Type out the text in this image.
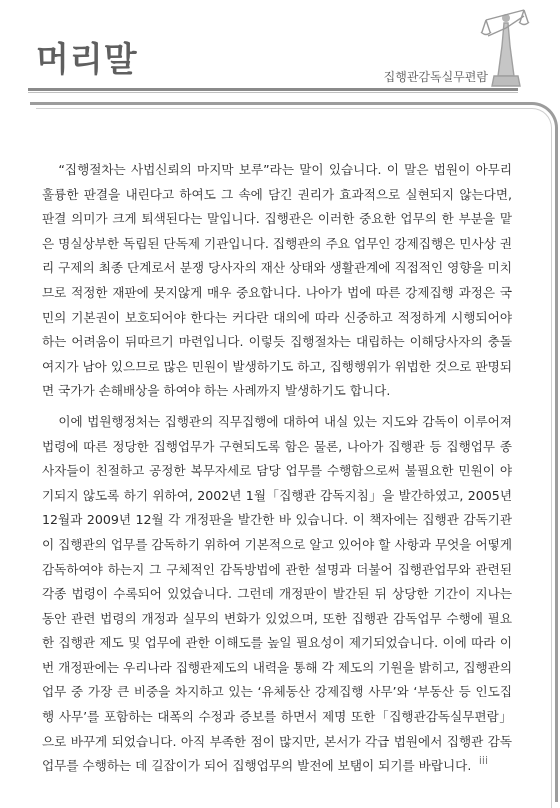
머리말	집행관감독실무편람

“집행절차는 사법신뢰의 마지막 보루”라는 말이 있습니다. 이 말은 법원이 아무리 훌륭한 판결을 내린다고 하여도 그 속에 담긴 권리가 효과적으로 실현되지 않는다면, 판결 의미가 크게 퇴색된다는 말입니다. 집행관은 이러한 중요한 업무의 한 부분을 맡은 명실상부한 독립된 단독제 기관입니다. 집행관의 주요 업무인 강제집행은 민사상 권리 구제의 최종 단계로서 분쟁 당사자의 재산 상태와 생활관계에 직접적인 영향을 미치므로 적정한 재판에 못지않게 매우 중요합니다. 나아가 법에 따른 강제집행 과정은 국민의 기본권이 보호되어야 한다는 커다란 대의에 따라 신중하고 적정하게 시행되어야 하는 어려움이 뒤따르기 마련입니다. 이렇듯 집행절차는 대립하는 이해당사자의 충돌 여지가 남아 있으므로 많은 민원이 발생하기도 하고, 집행행위가 위법한 것으로 판명되면 국가가 손해배상을 하여야 하는 사례까지 발생하기도 합니다.

이에 법원행정처는 집행관의 직무집행에 대하여 내실 있는 지도와 감독이 이루어져 법령에 따른 정당한 집행업무가 구현되도록 함은 물론, 나아가 집행관 등 집행업무 종사자들이 친절하고 공정한 복무자세로 담당 업무를 수행함으로써 불필요한 민원이 야기되지 않도록 하기 위하여, 2002년 1월「집행관 감독지침」을 발간하였고, 2005년 12월과 2009년 12월 각 개정판을 발간한 바 있습니다. 이 책자에는 집행관 감독기관이 집행관의 업무를 감독하기 위하여 기본적으로 알고 있어야 할 사항과 무엇을 어떻게 감독하여야 하는지 그 구체적인 감독방법에 관한 설명과 더불어 집행관업무와 관련된 각종 법령이 수록되어 있었습니다. 그런데 개정판이 발간된 뒤 상당한 기간이 지나는 동안 관련 법령의 개정과 실무의 변화가 있었으며, 또한 집행관 감독업무 수행에 필요한 집행관 제도 및 업무에 관한 이해도를 높일 필요성이 제기되었습니다. 이에 따라 이번 개정판에는 우리나라 집행관제도의 내력을 통해 각 제도의 기원을 밝히고, 집행관의 업무 중 가장 큰 비중을 차지하고 있는 ‘유체동산 강제집행 사무’와 ‘부동산 등 인도집행 사무’를 포함하는 대폭의 수정과 증보를 하면서 제명 또한「집행관감독실무편람」으로 바꾸게 되었습니다. 아직 부족한 점이 많지만, 본서가 각급 법원에서 집행관 감독업무를 수행하는 데 길잡이가 되어 집행업무의 발전에 보탬이 되기를 바랍니다. iii
